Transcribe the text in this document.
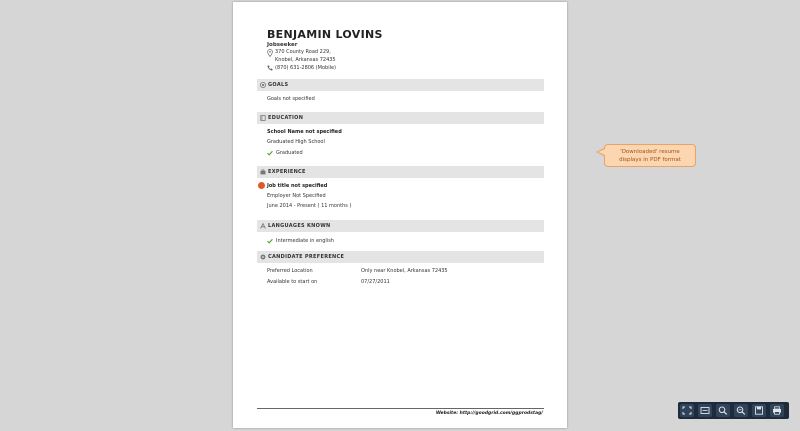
BENJAMIN LOVINS
Jobseeker
370 County Road 229,
Knobel, Arkansas 72435
(870) 631-2806 (Mobile)
GOALS
Goals not specified
EDUCATION
School Name not specified
Graduated High School
Graduated
EXPERIENCE
Job title not specified
Employer Not Specified
June 2014 - Present ( 11 months )
LANGUAGES KNOWN
Intermediate in english
CANDIDATE PREFERENCE
Preferred Location	Only near Knobel, Arkansas 72435
Available to start on	07/27/2011
Website: http://goodgrid.com/ggprodstag/
'Downloaded' resume
displays in PDF format
